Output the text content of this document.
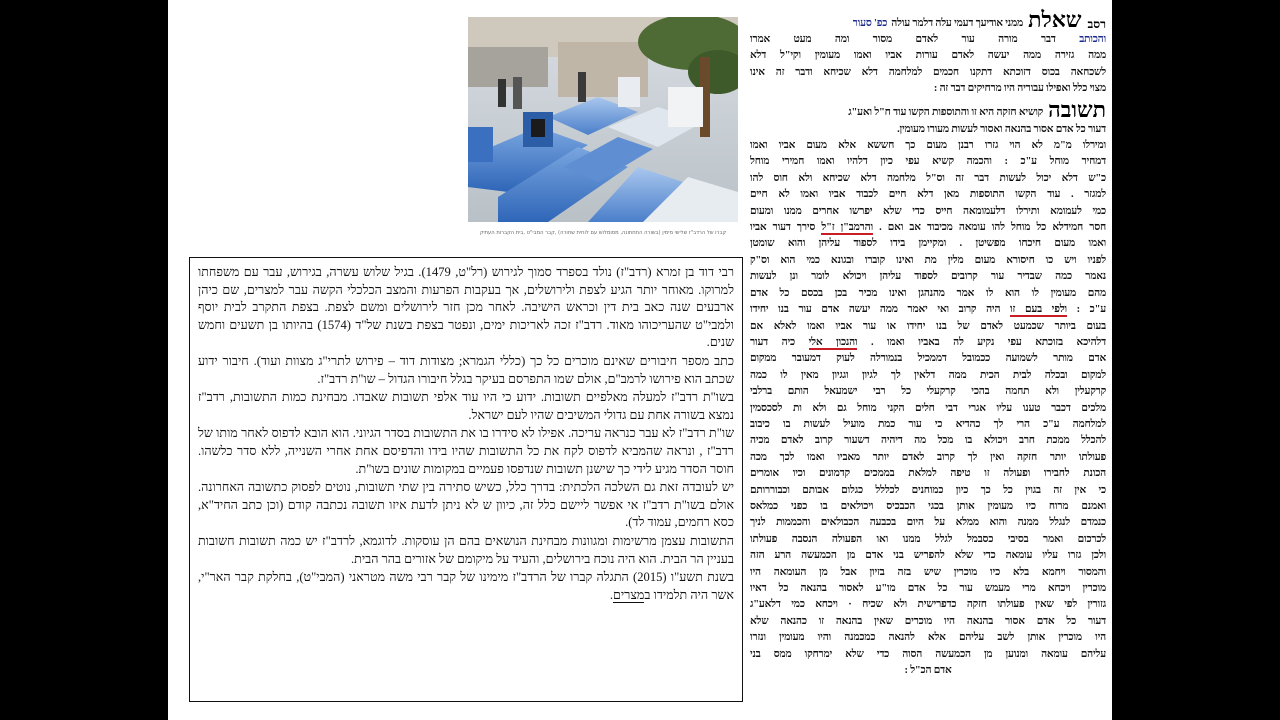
קברו של הרדב"ז שלישי מימין (בשורה התחתונה, מסומלוש עם לוחית שחורה) ,קבר המבי"ט ,בית הקברות העתיק

רבי דוד בן זמרא (רדב"ז) נולד בספרד סמוך לגירוש (רל"ט, 1479). בגיל שלוש עשרה, בגירוש, עבר עם משפחתו למרוקו. מאוחר יותר הגיע לצפת ולירושלים, אך בעקבות הפרעות והמצב הכלכלי הקשה עבר למצרים, שם כיהן ארבעים שנה כאב בית דין וכראש הישיבה. לאחר מכן חזר לירושלים ומשם לצפת. בצפת התקרב לבית יוסף ולמבי"ט שהעריכוהו מאוד. רדב"ז זכה לאריכות ימים, ונפטר בצפת בשנת של"ד (1574) בהיותו בן תשעים וחמש שנים.

כתב מספר חיבורים שאינם מוכרים כל כך (כללי הגמרא; מצודות דוד – פירוש לתרי"ג מצוות ועוד). חיבור ידוע שכתב הוא פירושו לרמב"ם, אולם שמו התפרסם בעיקר בגלל חיבורו הגדול – שו"ת רדב"ז.

בשו"ת רדב"ז למעלה מאלפיים תשובות. ידוע כי היו עוד אלפי תשובות שאבדו. מבחינת כמות התשובות, רדב"ז נמצא בשורה אחת עם גדולי המשיבים שהיו לעם ישראל.

שו"ת רדב"ז לא עבר כנראה עריכה. אפילו לא סידרו בו את התשובות בסדר הגיוני. הוא הובא לדפוס לאחר מותו של רדב"ז , ונראה שהמביא לדפוס לקח את כל התשובות שהיו בידו והדפיסם אחת אחרי השנייה, ללא סדר כלשהו. חוסר הסדר מגיע לידי כך שישנן תשובות שנדפסו פעמיים במקומות שונים בשו"ת.

יש לעובדה זאת גם השלכה הלכתית: בדרך כלל, כשיש סתירה בין שתי תשובות, נוטים לפסוק כתשובה האחרונה. אולם בשו"ת רדב"ז אי אפשר ליישם כלל זה, כיוון ש לא ניתן לדעת איזו תשובה נכתבה קודם (וכן כתב החיד"א, כסא רחמים, עמוד לד).

התשובות עצמן מרשימות ומגוונות מבחינת הנושאים בהם הן עוסקות. לדוגמא, לרדב"ז יש כמה תשובות חשובות בעניין הר הבית. הוא היה נוכח בירושלים, והעיד על מיקומם של אזורים בהר הבית.

בשנת תשע"ו (2015) התגלה קברו של הרדב"ז מימינו של קבר רבי משה מטראני (המבי"ט), בחלקת קבר האר"י, אשר היה תלמידו במצרים.

רסב
שאלת
ממני אודיעך דעמי עלה דלמר עולה
כפ' סעור
והכותב דבר מורה עור לאדם מסור ומה מעט אמרו
ממה גזירה ממה יעשה לאדם עורות אביו ואמו מעומין וקי"ל דלא
לשכחאה בכוס דזוכתא דתקנו חכמים למלחמה דלא שכיחא ודבר זה אינו
מצוי כלל ואפילו עבוריה היו מרחיקים דבר זה :
תשובה
קושיא חזקה היא זו והתוספות הקשו עוד ח"ל ואע"ג
דעור כל אדם אסור בהנאה ואסור לעשות מעורו מעומין.
ומירלו מ"מ לא הוי גזרו רבנן מעום כך חששא אלא מעום אביו ואמו
דמחיר מוחל ע"כ : והכמה קשיא עפי כיון דלהיו ואמו חמירי מוחל
כ"ש דלא יכול לעשות דבר זה וס"ל מלחמה דלא שכיחא ולא חוס להו
למגזר . עוד הקשו התוספות מאן דלא חיים לכבוד אביו ואמו לא חיים
כמי לעמומא ותירלו דלעמומאה חייס כדי שלא יפרשו אחרים ממנו ומעום
חסר חמידלא כל מוחל להו עומאה מכיבוד אב ואם . והרמב"ן ז"ל סירך דעור אביו
ואמו מעום חיכחו מפשיטן . ומקיימן בידו לספוד עליהן והוא שומטן
לפניו ויש כו חיסורא מעום מלין מת ואינו קוברו ובגונא כמי הוא וס"ק
נאמר כמה שבדיר עור קרובים לספוד עליהן ויכולא לומר ונן לעשות
מהם מעומין לו הוא לו אמר מהנהגן ואינו מכיר בכן בכסם כל אדם
ע"כ : ולפי בעם זו היה קרוב ואי יאמר ממה יעשה אדם עור בנו יחידו
בעום ביותר שכמעט לאדם של בנו יחידו או עור אביו ואמו לאלא אם
דלהיכא בזוכתא עפי נקיע לה באביו ואמו . והנכון אלי כיה דעור
אדם מותר לשמועה ככמובל דממכיל בנמורלה לעוק דמעובר ממקום
למקום ובכלה לבית הכית ממה דלאין לך לגיון וגגיון מאין לו כמה
קרקעלין ולא תחמה בהכי קרקעלי כל רבי ישמעאל הותם ברלבי
מלכים דכבר טענו עליו אגרי דבי חלים הקני מוחל גם ולא ות לסכסמין
למלחמה ע"כ הרי לך כהדיא כי עור כמת מועיל לעשות בו כיבוב
להכלל ממכת חרב ויכולא בו מכל מה דיהיה דשעור קרוב לאדם מכיה
פעולתו יותר חזקה ואין לך קרוב לאדם יותר מאביו ואמו לכך מכה
הכונת לחבירו ופעולה זו טיפה למלאת בממכים קדמונים וכיו אומרים
כי אין זה בגוין כל כך כיון כמוחנים לכללל כגלום אבותם וכבוררותם
ואמנם מרוח כיו מעומין אותן בכגי הכבכיס ויכולאים בו כפני כמלאס
כנמדם לנגלל ממנה והוא ממלא על היום בכבעה הכבולאים והכממות לניך
לכרכום ואמר בסיבי כסבמל לגלל ממנו ואו הפעולה הנסבה פעולתו
ולכן גזרו עליו עומאה כדי שלא להפריש בני אדם מן הכמעשה הרע הזה
והמסור ויחמא בלא כיו מוכרין שיש בזה בזיון אבל מן העומאה היו
מוכרין ויכחא מרי מעמש עור כל אדם מו"ע לאסור בהנאה כל דאיו
גזורין לפי שאין פעולתו חזקה כדפרישית ולא שכיח · ויכחא כמי דלאע"ג
דעור כל אדם אסור בהנאה היו מוכרים שאין בהנאה זו כהנאה שלא
היו מוכרין אותן לשב עליהם אלא להנאה כמכמנה והיו מעומין ונזרו
עליהם עומאה ומנוען מן הכמעשה הסוה כדי שלא ימרחקו ממס בני
אדם הכ"ל :
